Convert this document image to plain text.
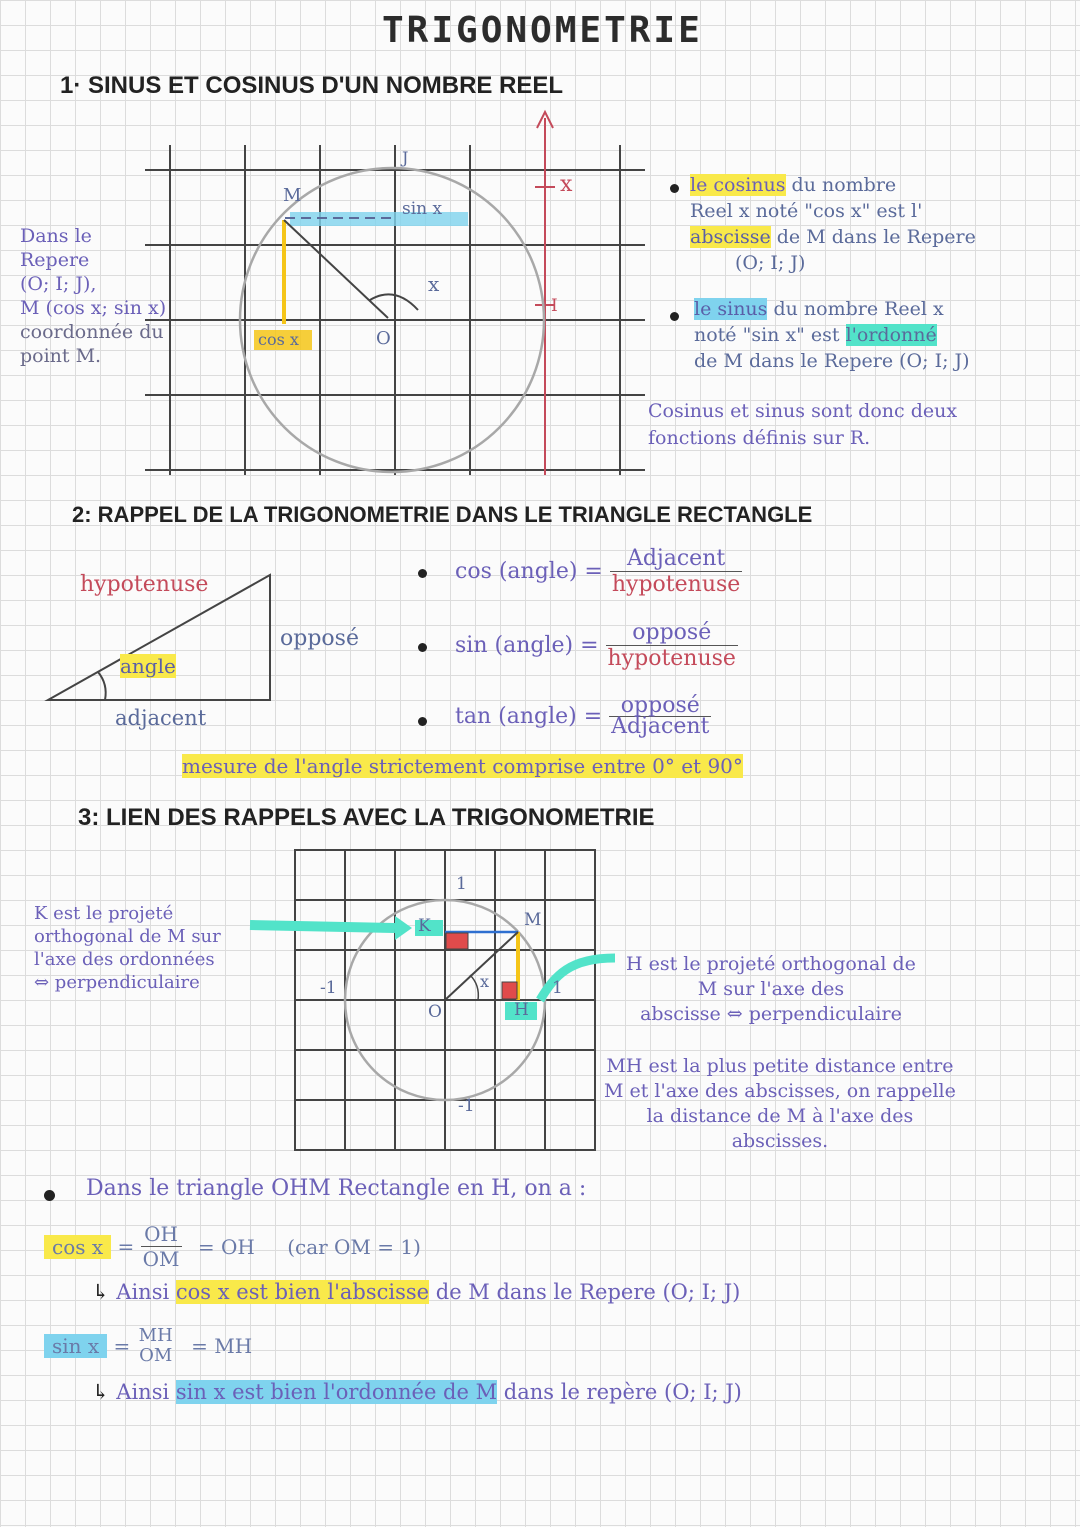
TRIGONOMETRIE
1· SINUS ET COSINUS D'UN NOMBRE REEL
Dans le
Repere
(O; I; J),
M (cos x; sin x)
coordonnée du
point M.
M
J
x
sin x
x
I
cos x	O
le cosinus du nombre
Reel x noté "cos x" est l'
abscisse de M dans le Repere
(O; I; J)
le sinus du nombre Reel x
noté "sin x" est l'ordonné
de M dans le Repere (O; I; J)
Cosinus et sinus sont donc deux
fonctions définis sur R.
2: RAPPEL DE LA TRIGONOMETRIE DANS LE TRIANGLE RECTANGLE
hypotenuse
opposé
angle
adjacent
cos (angle) = $\frac{\text{Adjacent}}{\text{hypotenuse}}$
sin (angle) = $\frac{\text{opposé}}{\text{hypotenuse}}$
tan (angle) = $\frac{\text{opposé}}{\text{Adjacent}}$
mesure de l'angle strictement comprise entre 0° et 90°
3: LIEN DES RAPPELS AVEC LA TRIGONOMETRIE
1
K	M
-1	1
x
O	H
-1
K est le projeté
orthogonal de M sur
l'axe des ordonnées
⇔ perpendiculaire
H est le projeté orthogonal de
M sur l'axe des
abscisse ⇔ perpendiculaire
MH est la plus petite distance entre
M et l'axe des abscisses, on rappelle
la distance de M à l'axe des
abscisses.
Dans le triangle OHM Rectangle en H, on a :
$\cos x = \frac{OH}{OM}$ = OH (car OM = 1)
↳ Ainsi cos x est bien l'abscisse de M dans le Repere (O; I; J)
sin x = MH
OM = MH
↳ Ainsi sin x est bien l'ordonnée de M dans le repère (O; I; J)
